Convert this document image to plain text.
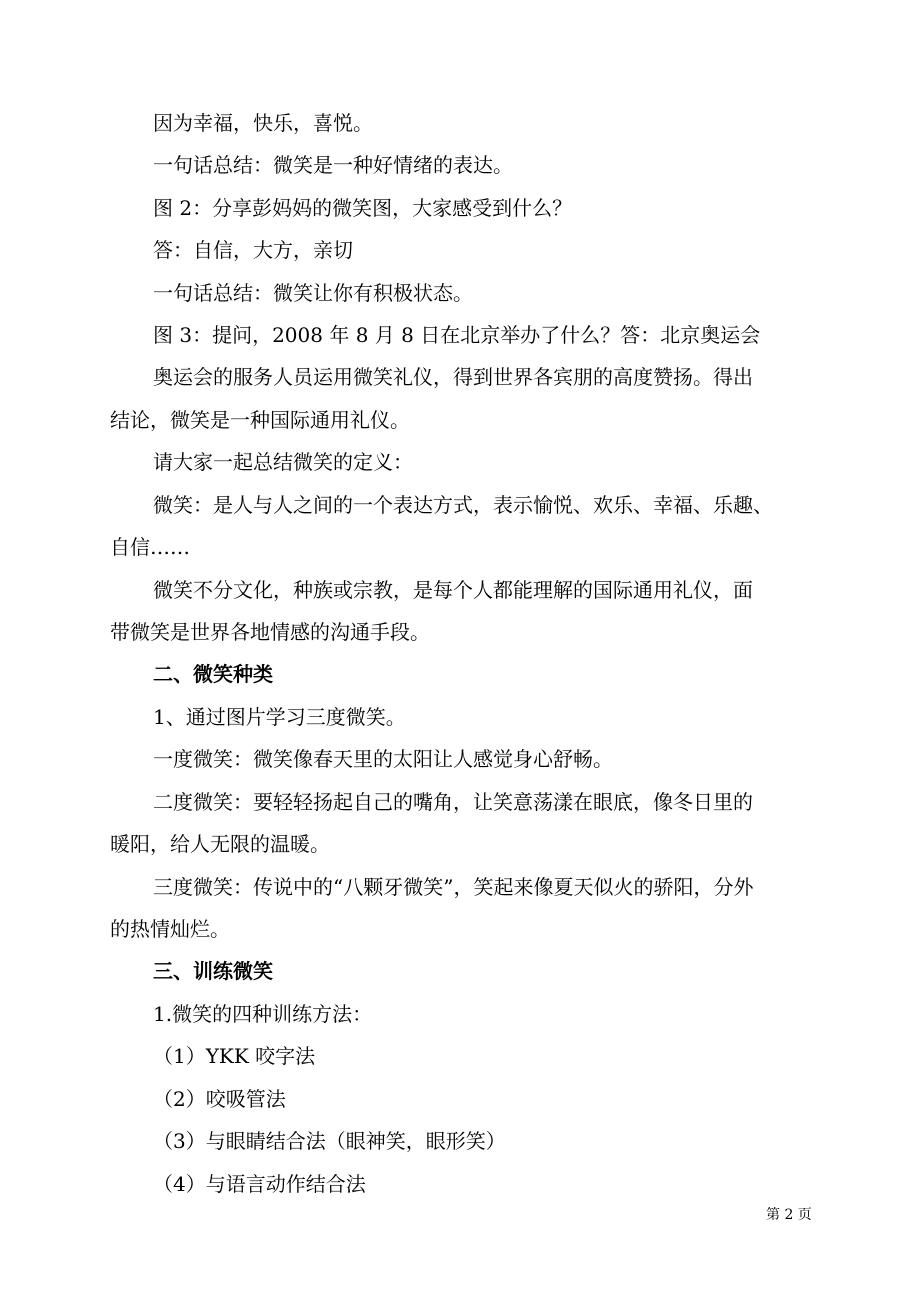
因为幸福，快乐，喜悦。
一句话总结：微笑是一种好情绪的表达。
图 2：分享彭妈妈的微笑图，大家感受到什么？
答：自信，大方，亲切
一句话总结：微笑让你有积极状态。
图 3：提问，2008 年 8 月 8 日在北京举办了什么？答：北京奥运会
奥运会的服务人员运用微笑礼仪，得到世界各宾朋的高度赞扬。得出
结论，微笑是一种国际通用礼仪。
请大家一起总结微笑的定义：
微笑：是人与人之间的一个表达方式，表示愉悦、欢乐、幸福、乐趣、
自信……
微笑不分文化，种族或宗教，是每个人都能理解的国际通用礼仪，面
带微笑是世界各地情感的沟通手段。
二、微笑种类
1、通过图片学习三度微笑。
一度微笑：微笑像春天里的太阳让人感觉身心舒畅。
二度微笑：要轻轻扬起自己的嘴角，让笑意荡漾在眼底，像冬日里的
暖阳，给人无限的温暖。
三度微笑：传说中的“八颗牙微笑”，笑起来像夏天似火的骄阳，分外
的热情灿烂。
三、训练微笑
1.微笑的四种训练方法：
（1）YKK 咬字法
（2）咬吸管法
（3）与眼睛结合法（眼神笑，眼形笑）
（4）与语言动作结合法
第 2 页
